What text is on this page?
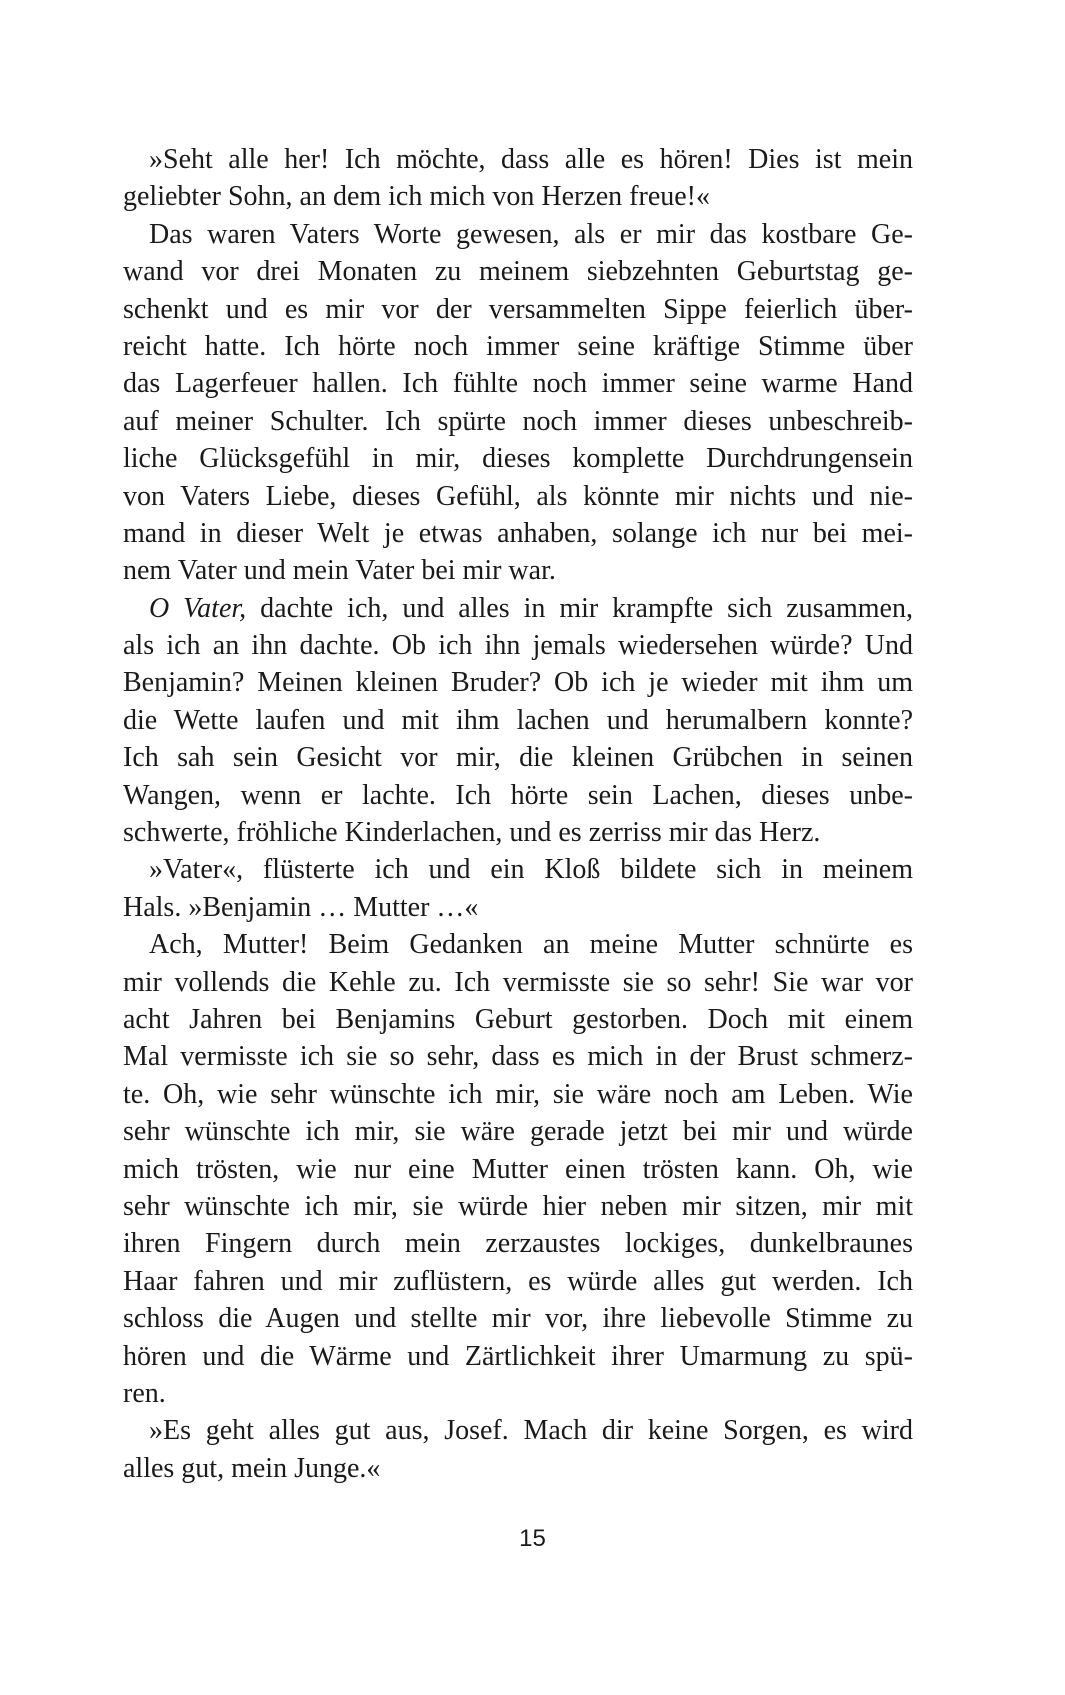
»Seht alle her! Ich möchte, dass alle es hören! Dies ist mein
geliebter Sohn, an dem ich mich von Herzen freue!«
Das waren Vaters Worte gewesen, als er mir das kostbare Ge-
wand vor drei Monaten zu meinem siebzehnten Geburtstag ge-
schenkt und es mir vor der versammelten Sippe feierlich über-
reicht hatte. Ich hörte noch immer seine kräftige Stimme über
das Lagerfeuer hallen. Ich fühlte noch immer seine warme Hand
auf meiner Schulter. Ich spürte noch immer dieses unbeschreib-
liche Glücksgefühl in mir, dieses komplette Durchdrungensein
von Vaters Liebe, dieses Gefühl, als könnte mir nichts und nie-
mand in dieser Welt je etwas anhaben, solange ich nur bei mei-
nem Vater und mein Vater bei mir war.
O Vater, dachte ich, und alles in mir krampfte sich zusammen,
als ich an ihn dachte. Ob ich ihn jemals wiedersehen würde? Und
Benjamin? Meinen kleinen Bruder? Ob ich je wieder mit ihm um
die Wette laufen und mit ihm lachen und herumalbern konnte?
Ich sah sein Gesicht vor mir, die kleinen Grübchen in seinen
Wangen, wenn er lachte. Ich hörte sein Lachen, dieses unbe-
schwerte, fröhliche Kinderlachen, und es zerriss mir das Herz.
»Vater«, flüsterte ich und ein Kloß bildete sich in meinem
Hals. »Benjamin … Mutter …«
Ach, Mutter! Beim Gedanken an meine Mutter schnürte es
mir vollends die Kehle zu. Ich vermisste sie so sehr! Sie war vor
acht Jahren bei Benjamins Geburt gestorben. Doch mit einem
Mal vermisste ich sie so sehr, dass es mich in der Brust schmerz-
te. Oh, wie sehr wünschte ich mir, sie wäre noch am Leben. Wie
sehr wünschte ich mir, sie wäre gerade jetzt bei mir und würde
mich trösten, wie nur eine Mutter einen trösten kann. Oh, wie
sehr wünschte ich mir, sie würde hier neben mir sitzen, mir mit
ihren Fingern durch mein zerzaustes lockiges, dunkelbraunes
Haar fahren und mir zuflüstern, es würde alles gut werden. Ich
schloss die Augen und stellte mir vor, ihre liebevolle Stimme zu
hören und die Wärme und Zärtlichkeit ihrer Umarmung zu spü-
ren.
»Es geht alles gut aus, Josef. Mach dir keine Sorgen, es wird
alles gut, mein Junge.«
15
